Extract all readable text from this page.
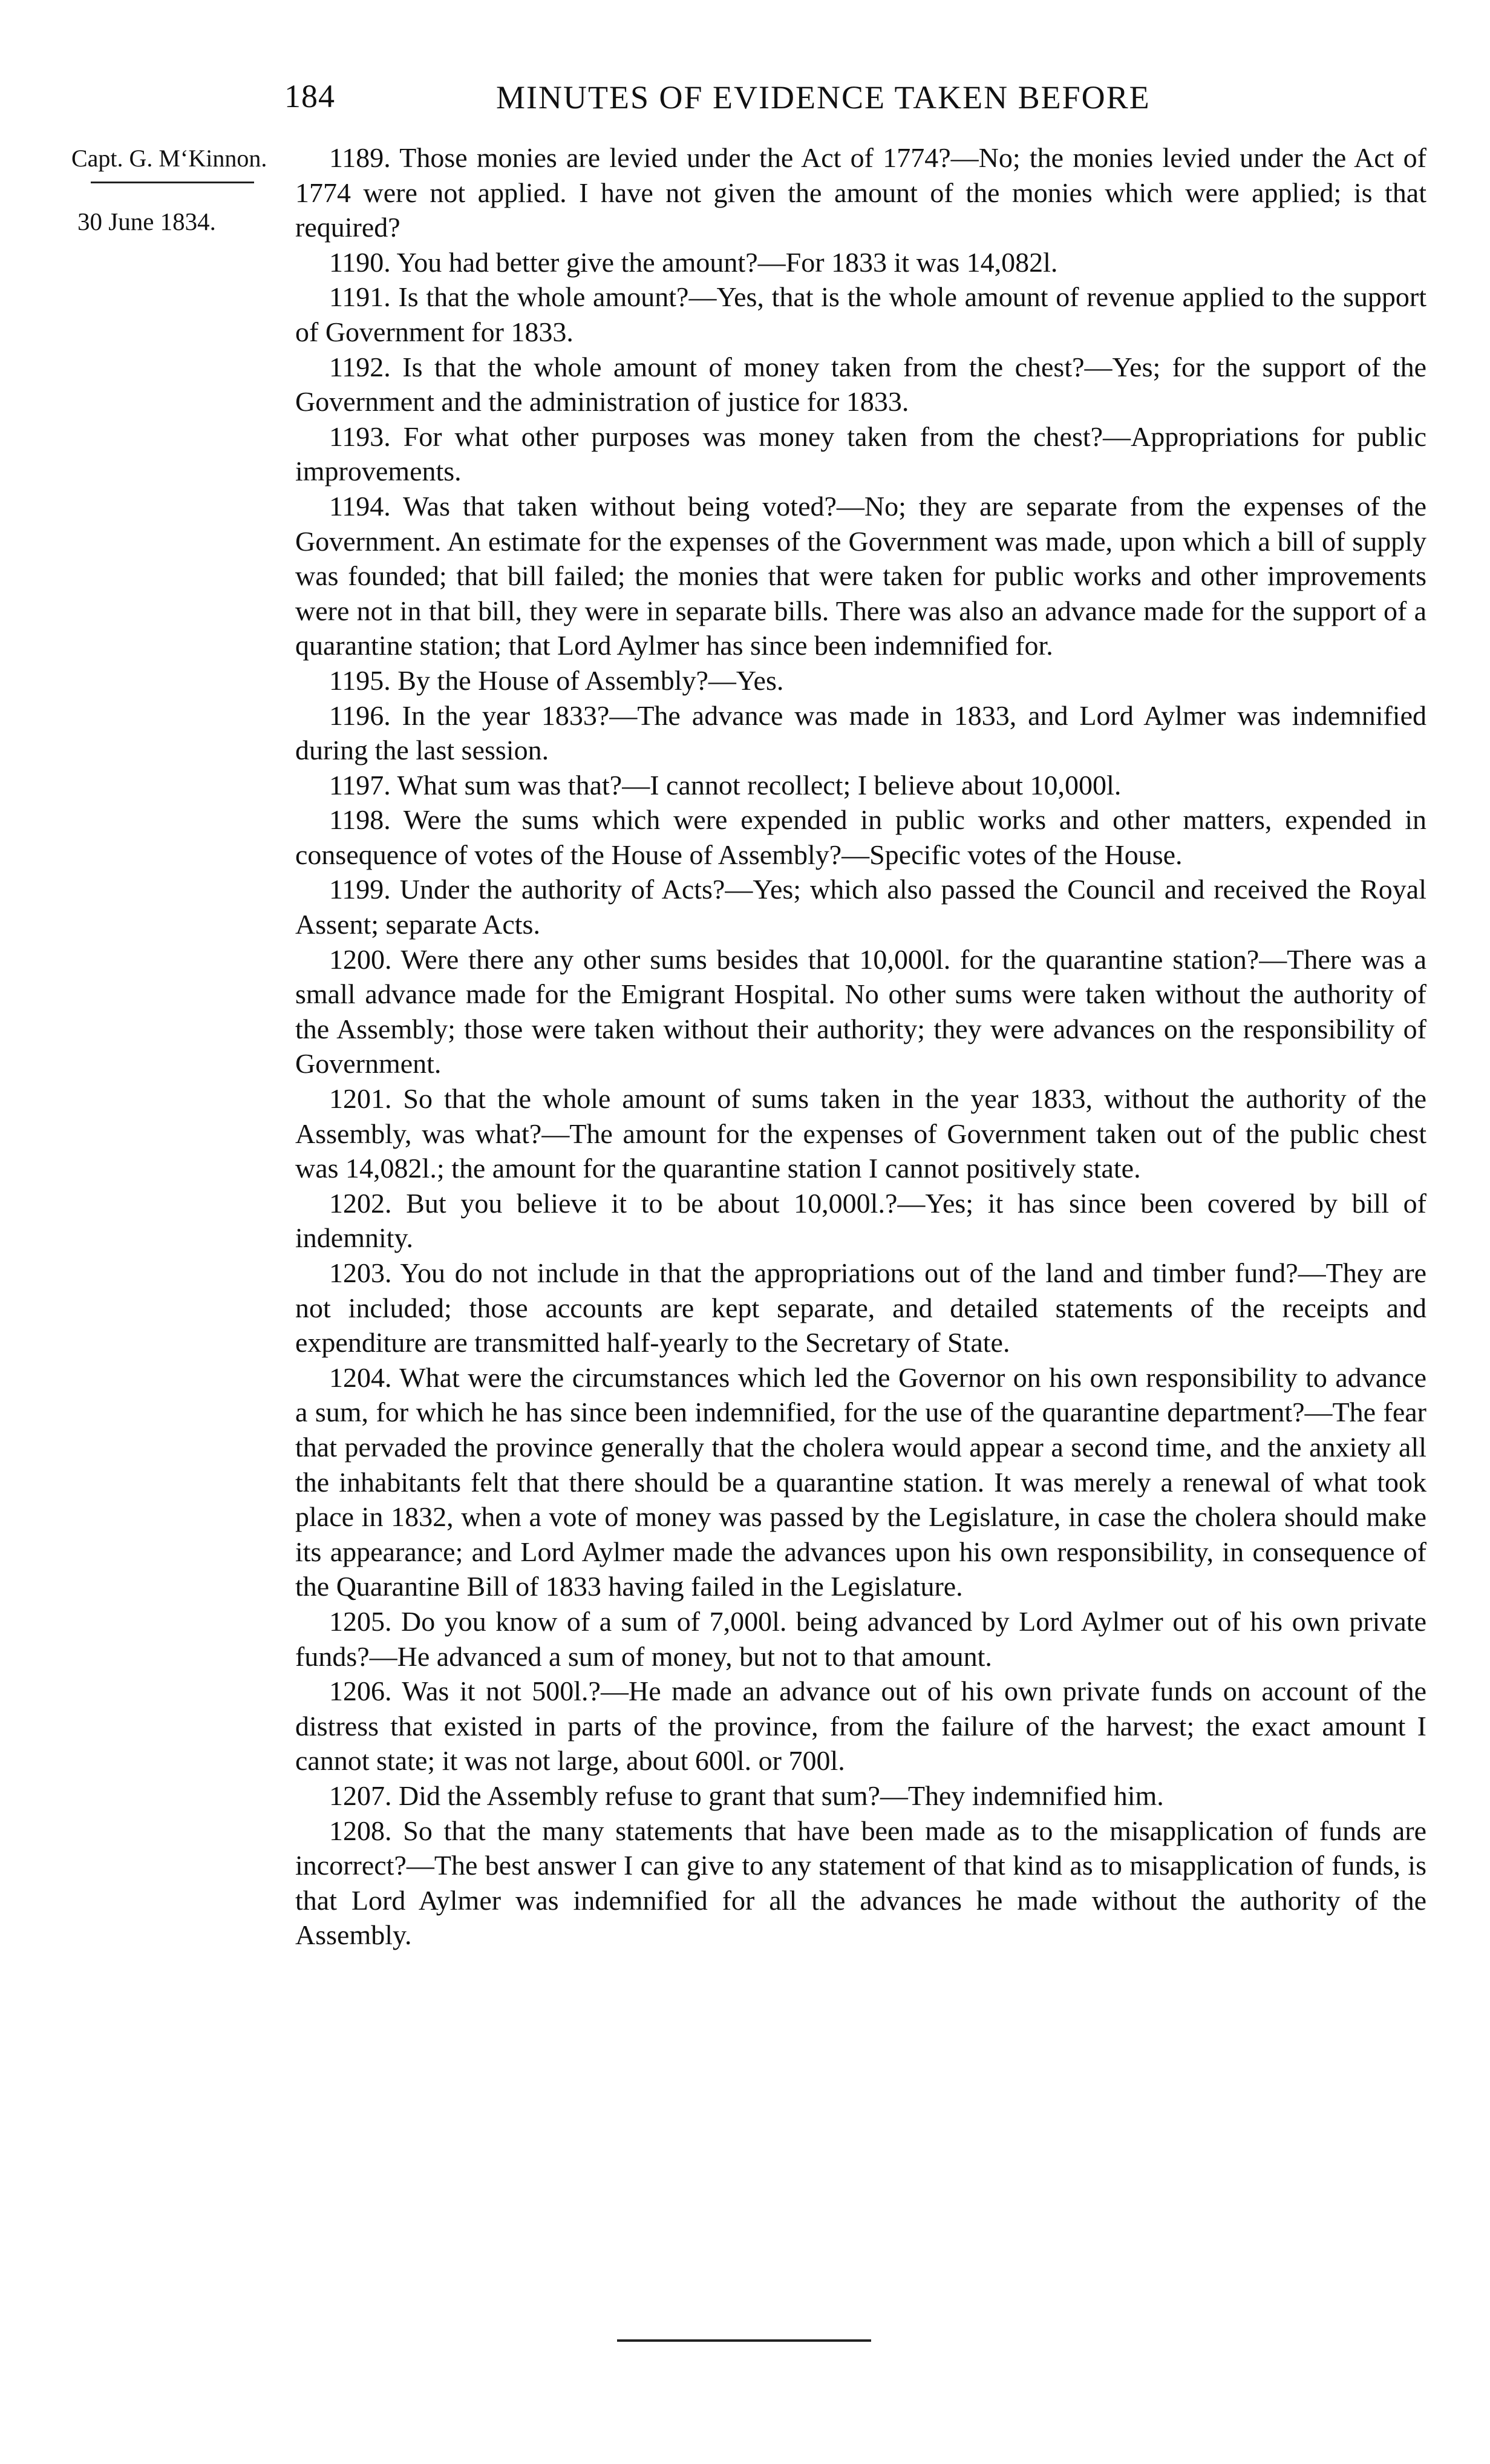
184	MINUTES OF EVIDENCE TAKEN BEFORE
Capt. G. M‘Kinnon.
30 June 1834.

1189. Those monies are levied under the Act of 1774?—No; the monies levied under the Act of 1774 were not applied. I have not given the amount of the monies which were applied; is that required?

1190. You had better give the amount?—For 1833 it was 14,082l.

1191. Is that the whole amount?—Yes, that is the whole amount of revenue applied to the support of Government for 1833.

1192. Is that the whole amount of money taken from the chest?—Yes; for the support of the Government and the administration of justice for 1833.

1193. For what other purposes was money taken from the chest?—Appropriations for public improvements.

1194. Was that taken without being voted?—No; they are separate from the expenses of the Government. An estimate for the expenses of the Government was made, upon which a bill of supply was founded; that bill failed; the monies that were taken for public works and other improvements were not in that bill, they were in separate bills. There was also an advance made for the support of a quarantine station; that Lord Aylmer has since been indemnified for.

1195. By the House of Assembly?—Yes.

1196. In the year 1833?—The advance was made in 1833, and Lord Aylmer was indemnified during the last session.

1197. What sum was that?—I cannot recollect; I believe about 10,000l.

1198. Were the sums which were expended in public works and other matters, expended in consequence of votes of the House of Assembly?—Specific votes of the House.

1199. Under the authority of Acts?—Yes; which also passed the Council and received the Royal Assent; separate Acts.

1200. Were there any other sums besides that 10,000l. for the quarantine station?—There was a small advance made for the Emigrant Hospital. No other sums were taken without the authority of the Assembly; those were taken without their authority; they were advances on the responsibility of Government.

1201. So that the whole amount of sums taken in the year 1833, without the authority of the Assembly, was what?—The amount for the expenses of Government taken out of the public chest was 14,082l.; the amount for the quarantine station I cannot positively state.

1202. But you believe it to be about 10,000l.?—Yes; it has since been covered by bill of indemnity.

1203. You do not include in that the appropriations out of the land and timber fund?—They are not included; those accounts are kept separate, and detailed statements of the receipts and expenditure are transmitted half-yearly to the Secretary of State.

1204. What were the circumstances which led the Governor on his own responsibility to advance a sum, for which he has since been indemnified, for the use of the quarantine department?—The fear that pervaded the province generally that the cholera would appear a second time, and the anxiety all the inhabitants felt that there should be a quarantine station. It was merely a renewal of what took place in 1832, when a vote of money was passed by the Legislature, in case the cholera should make its appearance; and Lord Aylmer made the advances upon his own responsibility, in consequence of the Quarantine Bill of 1833 having failed in the Legislature.

1205. Do you know of a sum of 7,000l. being advanced by Lord Aylmer out of his own private funds?—He advanced a sum of money, but not to that amount.

1206. Was it not 500l.?—He made an advance out of his own private funds on account of the distress that existed in parts of the province, from the failure of the harvest; the exact amount I cannot state; it was not large, about 600l. or 700l.

1207. Did the Assembly refuse to grant that sum?—They indemnified him.

1208. So that the many statements that have been made as to the misapplication of funds are incorrect?—The best answer I can give to any statement of that kind as to misapplication of funds, is that Lord Aylmer was indemnified for all the advances he made without the authority of the Assembly.
